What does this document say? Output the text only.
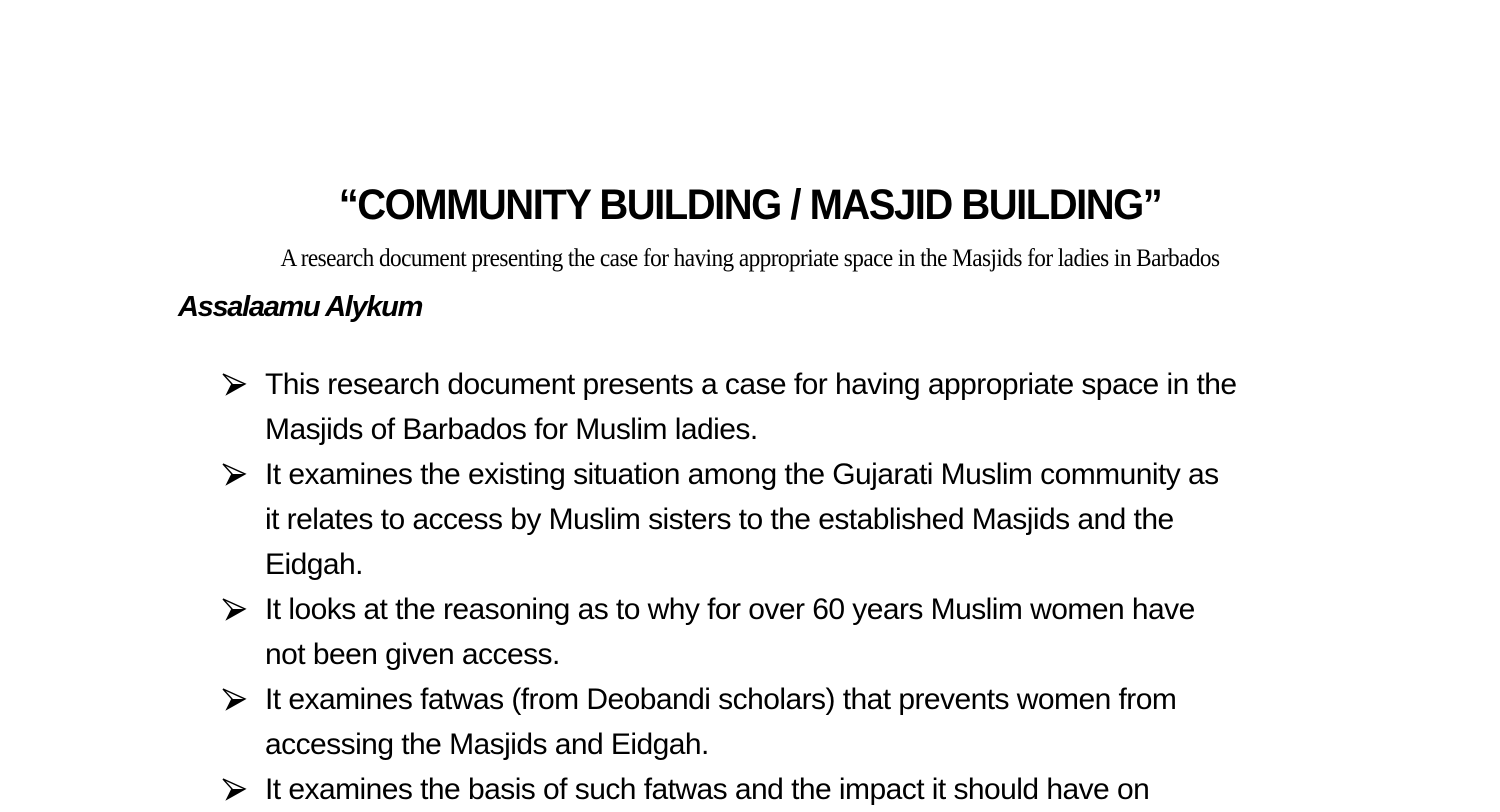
“COMMUNITY BUILDING / MASJID BUILDING”
A research document presenting the case for having appropriate space in the Masjids for ladies in Barbados
Assalaamu Alykum
This research document presents a case for having appropriate space in the
Masjids of Barbados for Muslim ladies.
It examines the existing situation among the Gujarati Muslim community as
it relates to access by Muslim sisters to the established Masjids and the
Eidgah.
It looks at the reasoning as to why for over 60 years Muslim women have
not been given access.
It examines fatwas (from Deobandi scholars) that prevents women from
accessing the Masjids and Eidgah.
It examines the basis of such fatwas and the impact it should have on
